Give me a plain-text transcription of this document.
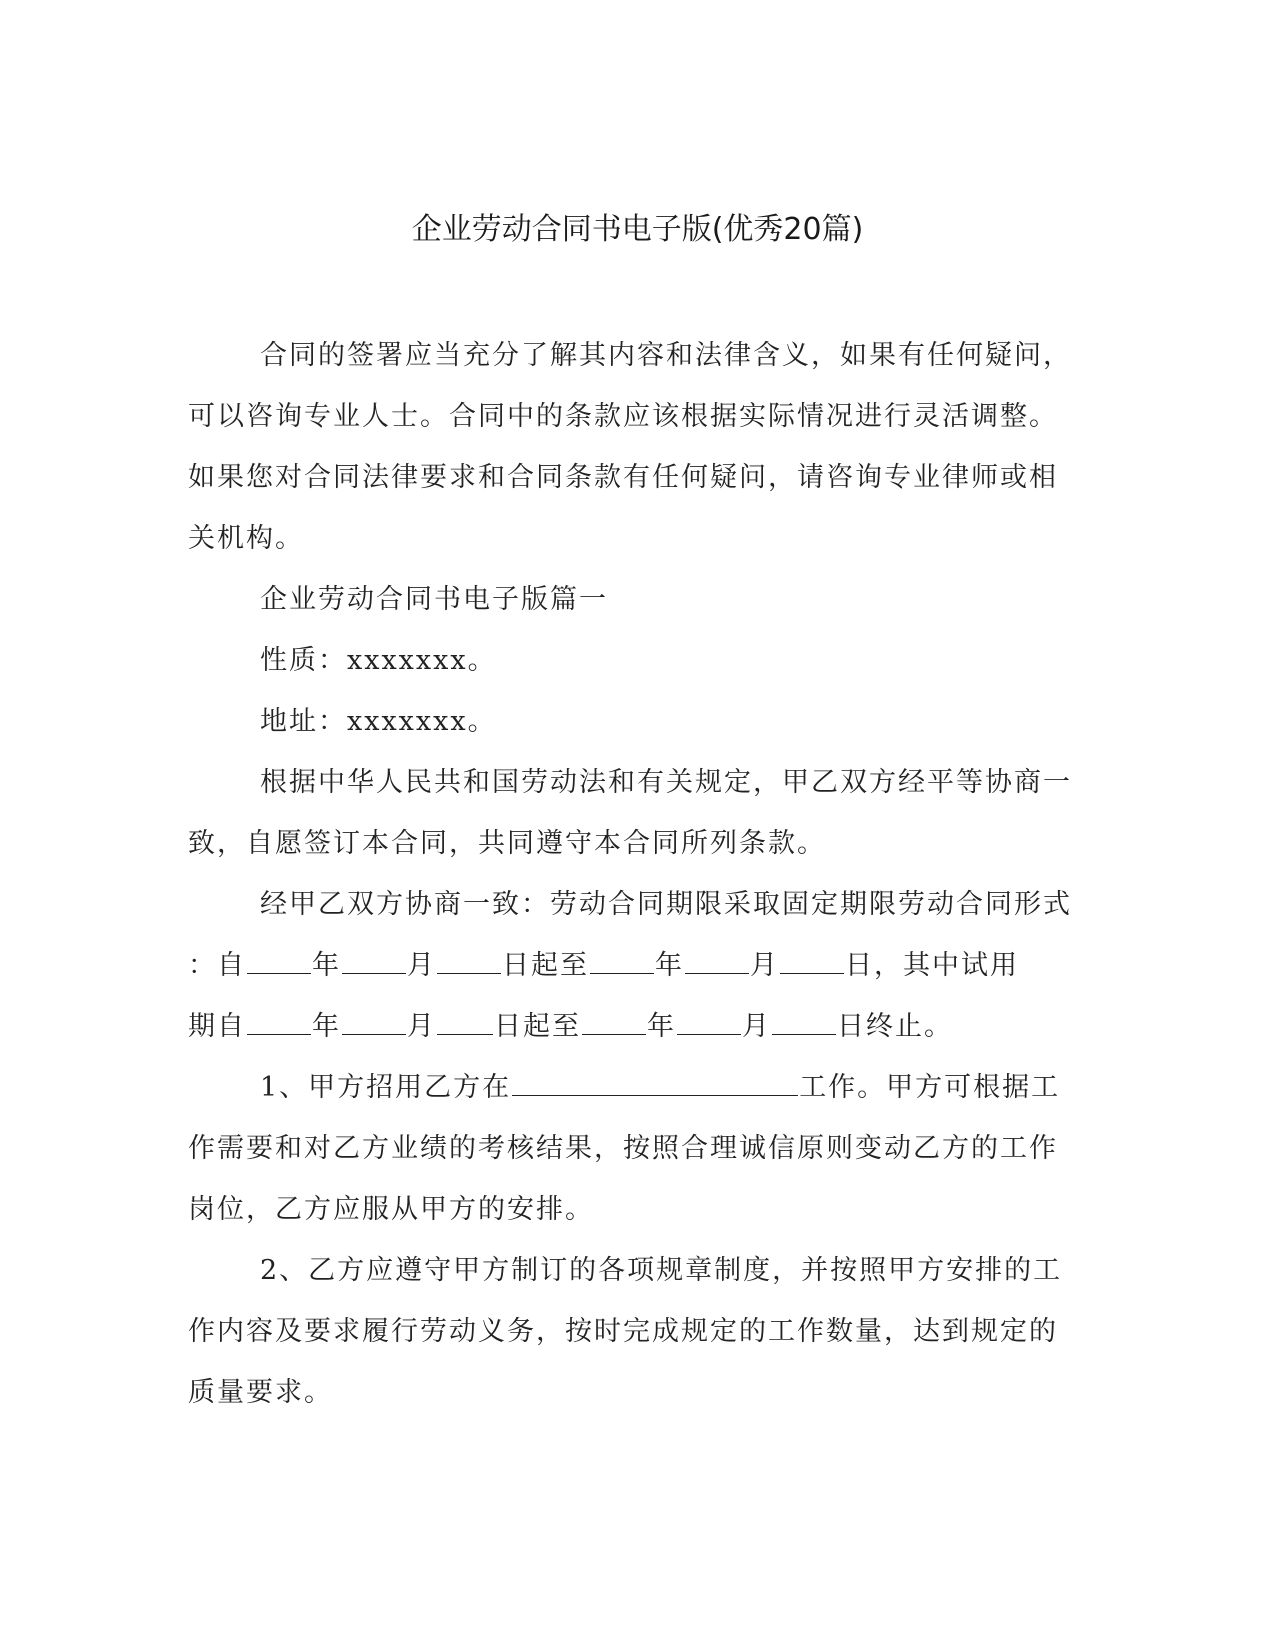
企业劳动合同书电子版(优秀20篇)

合同的签署应当充分了解其内容和法律含义，如果有任何疑问，
可以咨询专业人士。合同中的条款应该根据实际情况进行灵活调整。
如果您对合同法律要求和合同条款有任何疑问，请咨询专业律师或相
关机构。

企业劳动合同书电子版篇一

性质：xxxxxxx。

地址：xxxxxxx。

根据中华人民共和国劳动法和有关规定，甲乙双方经平等协商一
致，自愿签订本合同，共同遵守本合同所列条款。

经甲乙双方协商一致：劳动合同期限采取固定期限劳动合同形式
：自 年 月 日起至 年 月 日，其中试用
期自 年 月 日起至 年 月 日终止。

1、甲方招用乙方在	工作。甲方可根据工
作需要和对乙方业绩的考核结果，按照合理诚信原则变动乙方的工作
岗位，乙方应服从甲方的安排。

2、乙方应遵守甲方制订的各项规章制度，并按照甲方安排的工
作内容及要求履行劳动义务，按时完成规定的工作数量，达到规定的
质量要求。
